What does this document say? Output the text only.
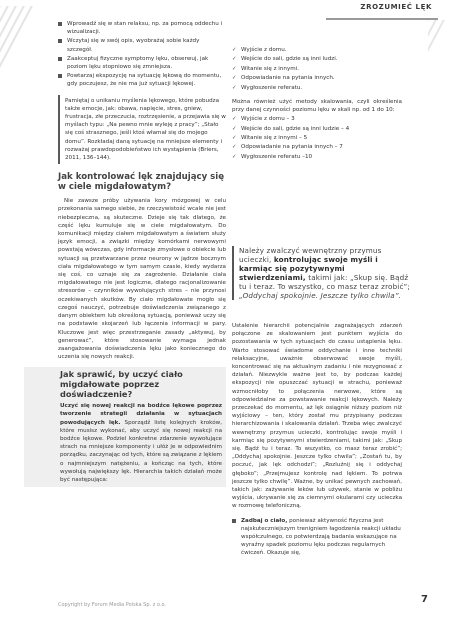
ZROZUMIEĆ LĘK
Wprowadź się w stan relaksu, np. za pomocą oddechu i wizualizacji.
Wczytaj się w swój opis, wyobrażaj sobie każdy szczegół.
Zaakceptuj fizyczne symptomy lęku, obserwuj, jak poziom lęku stopniowo się zmniejsza.
Powtarzaj ekspozycję na sytuację lękową do momentu, gdy poczujesz, że nie ma już sytuacji lękowej.

Pamiętaj o unikaniu myślenia lękowego, które pobudza także emocje, jak: obawa, napięcie, stres, gniew, frustracja, złe przeczucia, roztrzęsienie, a przejawia się w myślach typu: „Na pewno mnie wyleję z pracy”; „Stało się coś strasznego, jeśli ktoś włamał się do mojego domu”. Rozkładaj daną sytuację na mniejsze elementy i rozważaj prawdopodobieństwo ich wystąpienia (Briers, 2011, 136–144).

Jak kontrolować lęk znajdujący się w ciele migdałowatym?

Nie zawsze próby używania kory mózgowej w celu przekonania samego siebie, że rzeczywistość wcale nie jest niebezpieczna, są skuteczne. Dzieje się tak dlatego, że część lęku kumuluje się w ciele migdałowatym. Do komunikacji między ciałem migdałowatym a światem służy język emocji, a związki między komórkami nerwowymi powstają wówczas, gdy informacje zmysłowe o obiekcie lub sytuacji są przetwarzane przez neurony w jądrze bocznym ciała migdałowatego w tym samym czasie, kiedy wydarza się coś, co uznaje się za zagrożenie. Działanie ciała migdałowatego nie jest logiczne, dlatego racjonalizowanie stresorów – czynników wywołujących stres – nie przynosi oczekiwanych skutków. By ciało migdałowate mogło się czegoś nauczyć, potrzebuje doświadczenia związanego z danym obiektem lub określoną sytuacją, ponieważ uczy się na podstawie skojarzeń lub łączenia informacji w pary. Kluczowe jest więc przestrzeganie zasady „aktywuj, by generować”, które stosowanie wymaga jednak zaangażowania doświadczenia lęku jako koniecznego do uczenia się nowych reakcji.

Jak sprawić, by uczyć ciało migdałowate poprzez doświadczenie?

Uczyć się nowej reakcji na bodźce lękowe poprzez tworzenie strategii działania w sytuacjach powodujących lęk. Sporządź listę kolejnych kroków, które musisz wykonać, aby uczyć się nowej reakcji na bodźce lękowe. Podziel konkretne zdarzenie wywołujące strach na mniejsze komponenty i ułóż je w odpowiednim porządku, zaczynając od tych, które są związane z lękiem o najmniejszym natężeniu, a kończąc na tych, które wywołują największy lęk. Hierarchia takich działań może być następująca:

✓ Wyjście z domu.
✓ Wejście do sali, gdzie są inni ludzi.
✓ Witanie się z innymi.
✓ Odpowiadanie na pytania innych.
✓ Wygłoszenie referatu.

Można również użyć metody skalowania, czyli określenia przy danej czynności poziomu lęku w skali np. od 1 do 10:

✓ Wyjście z domu – 3
✓ Wejście do sali, gdzie są inni ludzie – 4
✓ Witanie się z innymi – 5
✓ Odpowiadanie na pytania innych – 7
✓ Wygłoszenie referatu –10
Należy zwalczyć wewnętrzny przymus ucieczki, kontrolując swoje myśli i karmiąc się pozytywnymi stwierdzeniami, takimi jak: „Skup się. Bądź tu i teraz. To wszystko, co masz teraz zrobić”; „Oddychaj spokojnie. Jeszcze tylko chwila”.

Ustalenie hierarchii potencjalnie zagrażających zdarzeń połączone ze skalowaniem jest punktem wyjścia do pozostawania w tych sytuacjach do czasu ustąpienia lęku. Warto stosować świadome oddychanie i inne techniki relaksacyjne, uważnie obserwować swoje myśli, koncentrować się na aktualnym zadaniu i nie rezygnować z działań. Niezwykle ważne jest to, by podczas każdej ekspozycji nie opuszczać sytuacji w strachu, ponieważ wzmocniłoby to połączenia nerwowe, które są odpowiedzialne za powstawanie reakcji lękowych. Należy przeczekać do momentu, aż lęk osiągnie niższy poziom niż wyjściowy – ten, który został mu przypisany podczas hierarchizowania i skalowania działań. Trzeba więc zwalczyć wewnętrzny przymus ucieczki, kontrolując swoje myśli i karmiąc się pozytywnymi stwierdzeniami, takimi jak: „Skup się. Bądź tu i teraz. To wszystko, co masz teraz zrobić”; „Oddychaj spokojnie. Jeszcze tylko chwila”; „Zostań tu, by poczuć, jak lęk odchodzi”; „Rozluźnij się i oddychaj głęboko”; „Przejmujesz kontrolę nad lękiem. To potrwa jeszcze tylko chwilę”. Ważne, by unikać pewnych zachowań, takich jak: zażywanie leków lub używek, stanie w pobliżu wyjścia, ukrywanie się za ciemnymi okularami czy ucieczka w rozmowę telefoniczną.

Zadbaj o ciało, ponieważ aktywność fizyczna jest najskuteczniejszym trenigniem łagodzenia reakcji układu współczulnego, co potwierdzają badania wskazujące na wyraźny spadek poziomu lęku podczas regularnych ćwiczeń. Okazuje się,
Copyright by Forum Media Polska Sp. z o.o.	7
